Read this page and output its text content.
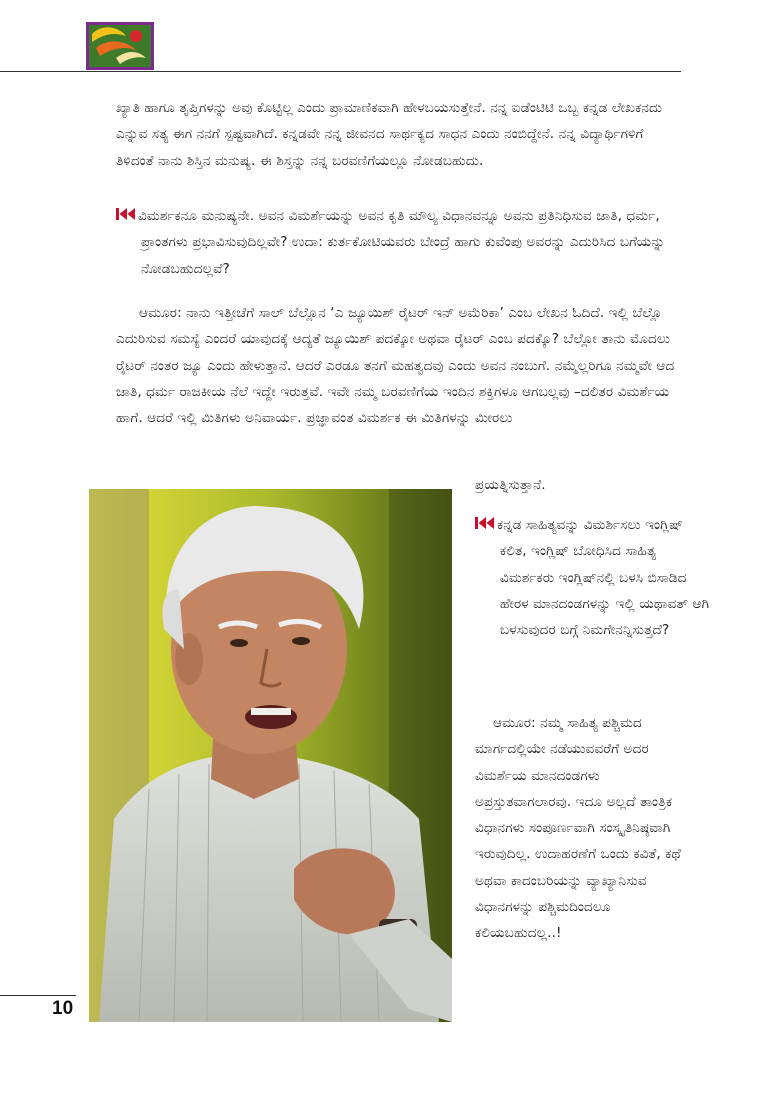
ಖ್ಯಾತಿ ಹಾಗೂ ತೃಪ್ತಿಗಳನ್ನು ಅವು ಕೊಟ್ಟಿಲ್ಲ ಎಂದು ಪ್ರಾಮಾಣಿಕವಾಗಿ ಹೇಳಬಯಸುತ್ತೇನೆ. ನನ್ನ ಐಡೆಂಟಿಟಿ ಒಬ್ಬ ಕನ್ನಡ ಲೇಖಕನದು ಎನ್ನುವ ಸತ್ಯ ಈಗ ನನಗೆ ಸ್ಪಷ್ಟವಾಗಿದೆ. ಕನ್ನಡವೇ ನನ್ನ ಜೀವನದ ಸಾರ್ಥಕ್ಯದ ಸಾಧನ ಎಂದು ನಂಬಿದ್ದೇನೆ. ನನ್ನ ವಿದ್ಯಾರ್ಥಿಗಳಿಗೆ ತಿಳಿದಂತೆ ನಾನು ಶಿಸ್ತಿನ ಮನುಷ್ಯ. ಈ ಶಿಸ್ತನ್ನು ನನ್ನ ಬರವಣಿಗೆಯಲ್ಲೂ ನೋಡಬಹುದು.

ವಿಮರ್ಶಕನೂ ಮನುಷ್ಯನೇ. ಅವನ ವಿಮರ್ಶೆಯನ್ನು ಅವನ ಕೃತಿ ಮೌಲ್ಯ ವಿಧಾನವನ್ನೂ ಅವನು ಪ್ರತಿನಿಧಿಸುವ ಜಾತಿ, ಧರ್ಮ, ಪ್ರಾಂತಗಳು ಪ್ರಭಾವಿಸುವುದಿಲ್ಲವೇ? ಉದಾ: ಕುರ್ತಕೋಟಿಯವರು ಬೇಂದ್ರೆ ಹಾಗು ಕುವೆಂಪು ಅವರನ್ನು ಎದುರಿಸಿದ ಬಗೆಯನ್ನು ನೋಡಬಹುದಲ್ಲವೆ?

ಆಮೂರ: ನಾನು ಇತ್ತೀಚೆಗೆ ಸಾಲ್ ಬೆಲ್ಲೊನ ‘ಎ ಜ್ಯೂಯಿಶ್ ರೈಟರ್ ಇನ್ ಅಮೆರಿಕಾ’ ಎಂಬ ಲೇಖನ ಓದಿದೆ. ಇಲ್ಲಿ ಬೆಲ್ಲೊ ಎದುರಿಸುವ ಸಮಸ್ಯೆ ಎಂದರೆ ಯಾವುದಕ್ಕೆ ಆದ್ಯತೆ ಜ್ಯೂಯಿಶ್ ಪದಕ್ಕೋ ಅಥವಾ ರೈಟರ್ ಎಂಬ ಪದಕ್ಕೊ? ಬೆಲ್ಲೋ ತಾನು ಮೊದಲು ರೈಟರ್ ನಂತರ ಜ್ಯೂ ಎಂದು ಹೇಳುತ್ತಾನೆ. ಆದರೆ ಎರಡೂ ತನಗೆ ಮಹತ್ವದವು ಎಂದು ಅವನ ನಂಬುಗೆ. ನಮ್ಮೆಲ್ಲರಿಗೂ ನಮ್ಮವೇ ಆದ ಜಾತಿ, ಧರ್ಮ ರಾಜಕೀಯ ನೆಲೆ ಇದ್ದೇ ಇರುತ್ತವೆ. ಇವೇ ನಮ್ಮ ಬರವಣಿಗೆಯ ಇಂದಿನ ಶಕ್ತಿಗಳೂ ಆಗಬಲ್ಲವು –ದಲಿತರ ವಿಮರ್ಶೆಯ ಹಾಗೆ. ಆದರೆ ಇಲ್ಲಿ ಮಿತಿಗಳು ಅನಿವಾರ್ಯ. ಪ್ರಜ್ಞಾವಂತ ವಿಮರ್ಶಕ ಈ ಮಿತಿಗಳನ್ನು ಮೀರಲು

ಪ್ರಯತ್ನಿಸುತ್ತಾನೆ.

ಕನ್ನಡ ಸಾಹಿತ್ಯವನ್ನು ವಿಮರ್ಶಿಸಲು ಇಂಗ್ಲಿಷ್ ಕಲಿತ, ಇಂಗ್ಲಿಷ್ ಬೋಧಿಸಿದ ಸಾಹಿತ್ಯ ವಿಮರ್ಶಕರು ಇಂಗ್ಲಿಷ್‌ನಲ್ಲಿ ಬಳಸಿ ಬಿಸಾಡಿದ ಹೇರಳ ಮಾನದಂಡಗಳನ್ನು ಇಲ್ಲಿ ಯಥಾವತ್ ಆಗಿ ಬಳಸುವುದರ ಬಗ್ಗೆ ನಿಮಗೇನನ್ನಿಸುತ್ತದೆ?

ಆಮೂರ: ನಮ್ಮ ಸಾಹಿತ್ಯ ಪಶ್ಚಿಮದ ಮಾರ್ಗದಲ್ಲಿಯೇ ನಡೆಯುವವರೆಗೆ ಅದರ ವಿಮರ್ಶೆಯ ಮಾನದಂಡಗಳು ಅಪ್ರಸ್ತುತವಾಗಲಾರವು. ಇದೂ ಅಲ್ಲದೆ ತಾಂತ್ರಿಕ ವಿಧಾನಗಳು ಸಂಪೂರ್ಣವಾಗಿ ಸಂಸ್ಕೃತಿನಿಷ್ಠವಾಗಿ ಇರುವುದಿಲ್ಲ. ಉದಾಹರಣೆಗೆ ಒಂದು ಕವಿತೆ, ಕಥೆ ಅಥವಾ ಕಾದಂಬರಿಯನ್ನು ವ್ಯಾಖ್ಯಾನಿಸುವ ವಿಧಾನಗಳನ್ನು ಪಶ್ಚಿಮದಿಂದಲೂ ಕಲಿಯಬಹುದಲ್ಲ..!

10
